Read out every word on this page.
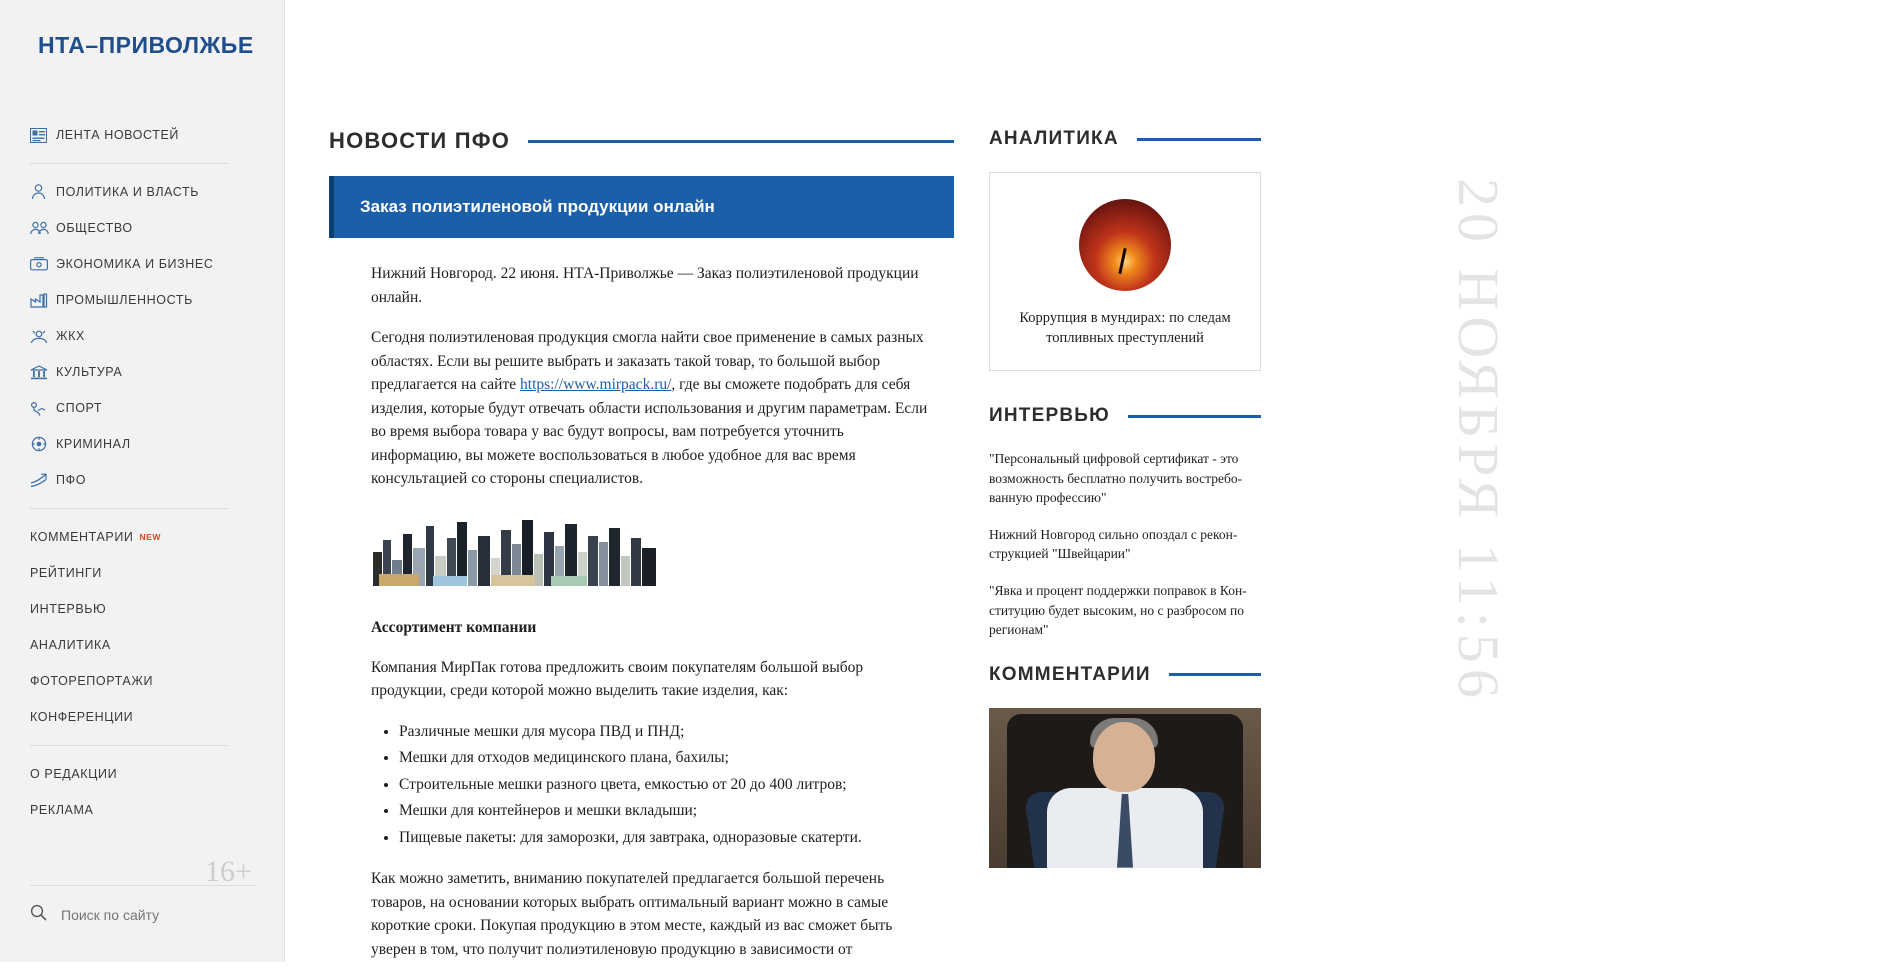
НТА–ПРИВОЛЖЬЕ
ЛЕНТА НОВОСТЕЙ
ПОЛИТИКА И ВЛАСТЬ
ОБЩЕСТВО
ЭКОНОМИКА И БИЗНЕС
ПРОМЫШЛЕННОСТЬ
ЖКХ
КУЛЬТУРА
СПОРТ
КРИМИНАЛ
ПФО
КОММЕНТАРИИ NEW
РЕЙТИНГИ
ИНТЕРВЬЮ
АНАЛИТИКА
ФОТОРЕПОРТАЖИ
КОНФЕРЕНЦИИ
О РЕДАКЦИИ
РЕКЛАМА
16+
Поиск по сайту
20 НОЯБРЯ 11:56
НОВОСТИ ПФО
Заказ полиэтиленовой продукции онлайн

Нижний Новгород. 22 июня. НТА-Приволжье — Заказ полиэтиленовой продукции онлайн.

Сегодня полиэтиленовая продукция смогла найти свое применение в самых разных областях. Если вы решите выбрать и заказать такой товар, то большой выбор предлагается на сайте https://www.mirpack.ru/, где вы сможете подобрать для себя изделия, которые будут отвечать области использования и другим параметрам. Если во время выбора товара у вас будут вопросы, вам потребуется уточнить информацию, вы можете воспользоваться в любое удобное для вас время консультацией со стороны специалистов.

Ассортимент компании

Компания МирПак готова предложить своим покупателям большой выбор продукции, среди которой можно выделить такие изделия, как:

• Различные мешки для мусора ПВД и ПНД;
• Мешки для отходов медицинского плана, бахилы;
• Строительные мешки разного цвета, емкостью от 20 до 400 литров;
• Мешки для контейнеров и мешки вкладыши;
• Пищевые пакеты: для заморозки, для завтрака, одноразовые скатерти.

Как можно заметить, вниманию покупателей предлагается большой перечень товаров, на основании которых выбрать оптимальный вариант можно в самые короткие сроки. Покупая продукцию в этом месте, каждый из вас сможет быть уверен в том, что получит полиэтиленовую продукцию в зависимости от

АНАЛИТИКА
Коррупция в мундирах: по следам топливных преступлений
ИНТЕРВЬЮ
"Персональный цифровой сертификат - это возможность бесплатно получить востребо-ванную профессию"
Нижний Новгород сильно опоздал с рекон-струкцией "Швейцарии"
"Явка и процент поддержки поправок в Кон-ституцию будет высоким, но с разбросом по регионам"
КОММЕНТАРИИ
